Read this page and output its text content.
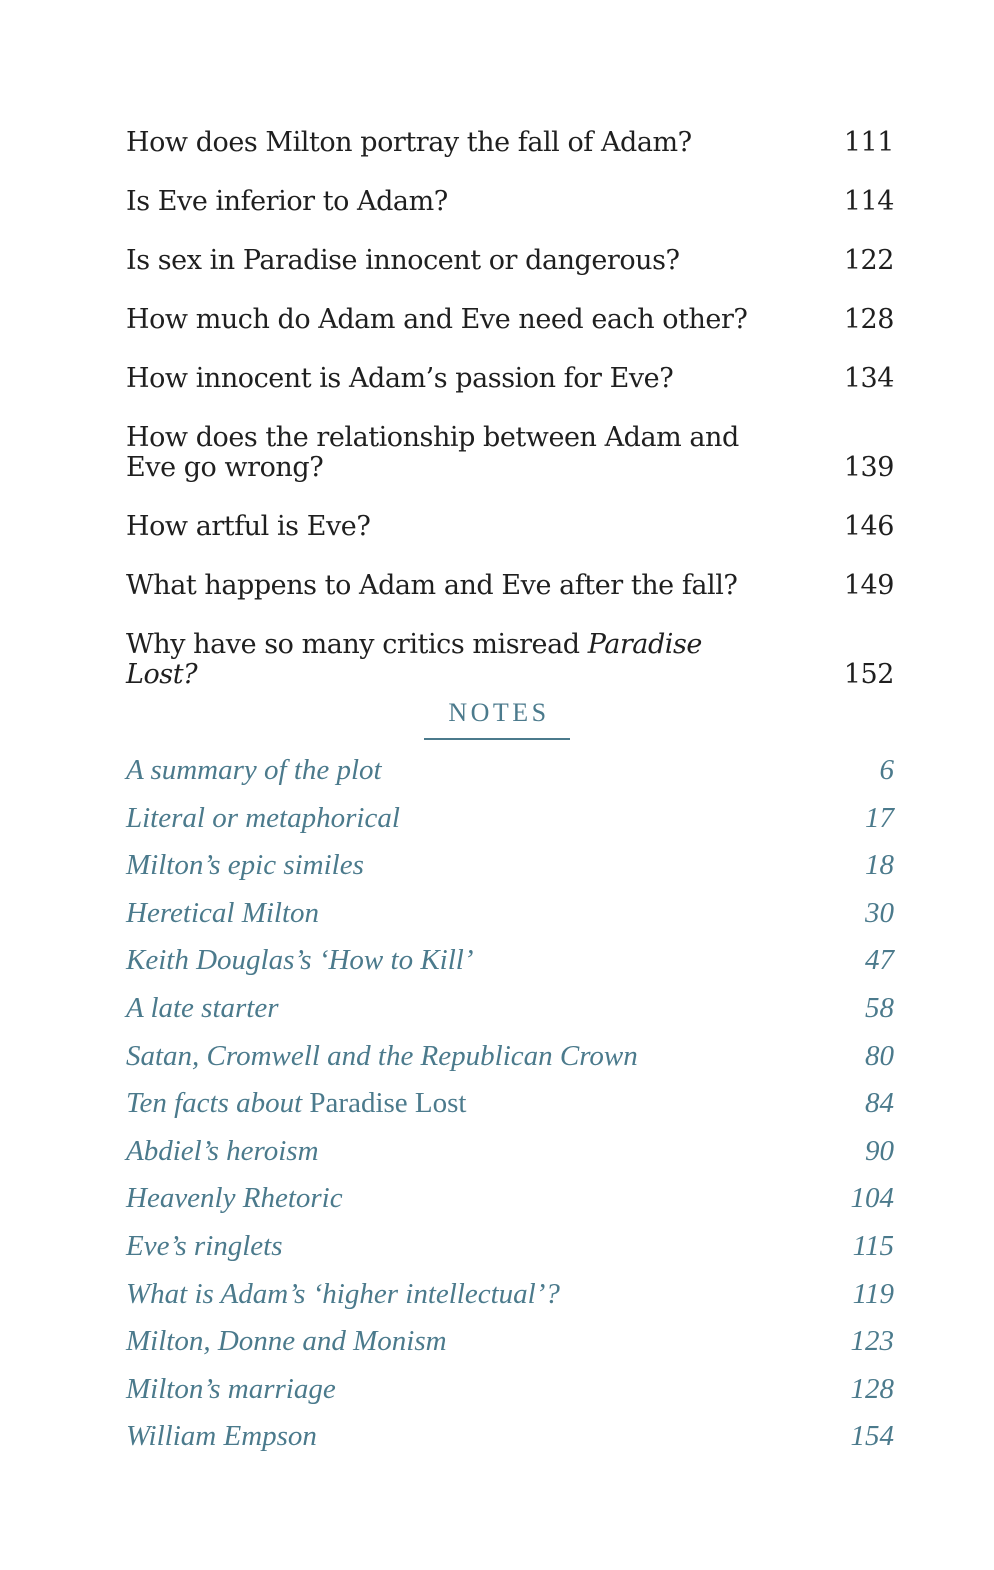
How does Milton portray the fall of Adam?	111
Is Eve inferior to Adam?	114
Is sex in Paradise innocent or dangerous?	122
How much do Adam and Eve need each other?	128
How innocent is Adam’s passion for Eve?	134
How does the relationship between Adam and Eve go wrong?	139
How artful is Eve?	146
What happens to Adam and Eve after the fall?	149
Why have so many critics misread Paradise Lost?	152
NOTES
A summary of the plot	6
Literal or metaphorical	17
Milton’s epic similes	18
Heretical Milton	30
Keith Douglas’s ‘How to Kill’	47
A late starter	58
Satan, Cromwell and the Republican Crown	80
Ten facts about Paradise Lost	84
Abdiel’s heroism	90
Heavenly Rhetoric	104
Eve’s ringlets	115
What is Adam’s ‘higher intellectual’?	119
Milton, Donne and Monism	123
Milton’s marriage	128
William Empson	154
